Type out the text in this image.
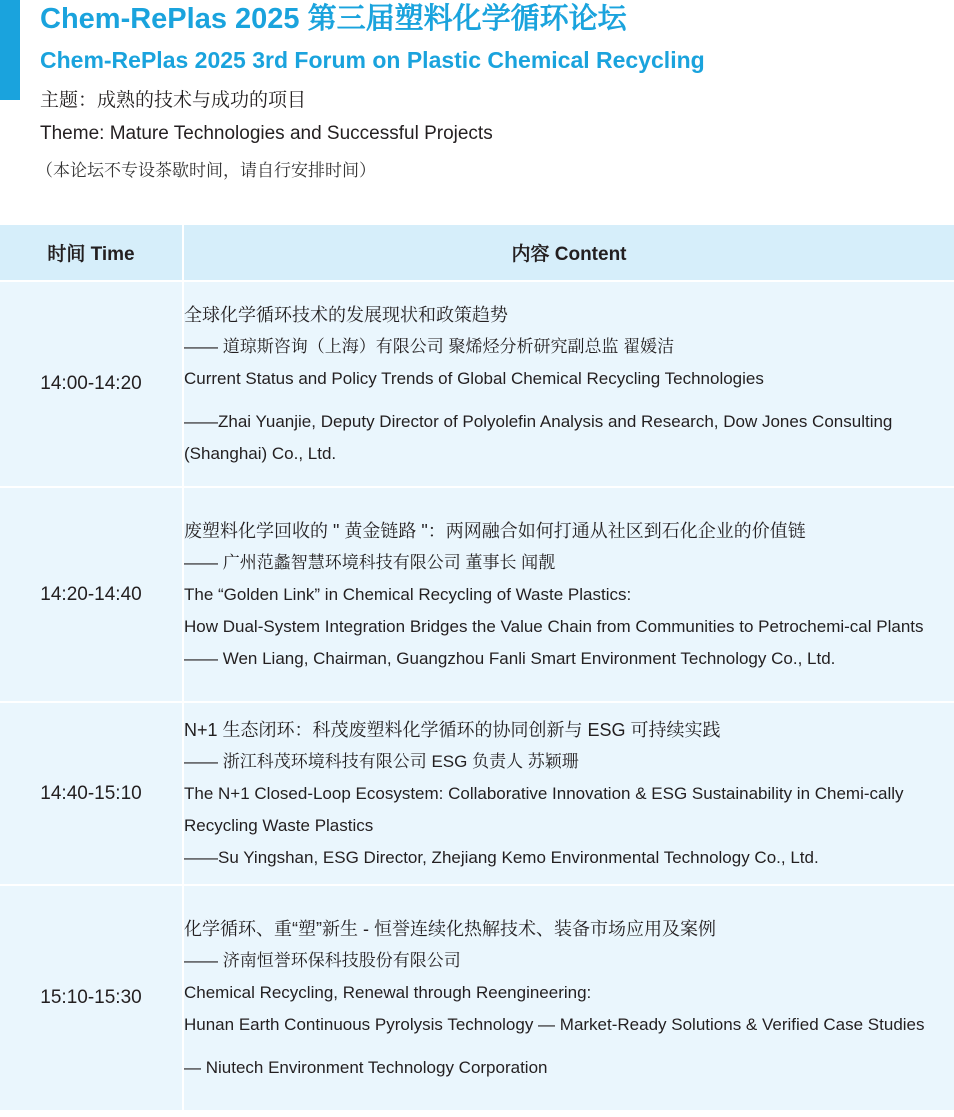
Chem-RePlas 2025 第三届塑料化学循环论坛
Chem-RePlas 2025 3rd Forum on Plastic Chemical Recycling
主题：成熟的技术与成功的项目
Theme: Mature Technologies and Successful Projects
（本论坛不专设茶歇时间，请自行安排时间）
时间 Time	内容 Content
14:00-14:20	全球化学循环技术的发展现状和政策趋势
—— 道琼斯咨询（上海）有限公司 聚烯烃分析研究副总监 翟媛洁
Current Status and Policy Trends of Global Chemical Recycling Technologies
——Zhai Yuanjie, Deputy Director of Polyolefin Analysis and Research, Dow Jones Consulting (Shanghai) Co., Ltd.

14:20-14:40	废塑料化学回收的 " 黄金链路 "：两网融合如何打通从社区到石化企业的价值链
—— 广州范蠡智慧环境科技有限公司 董事长 闻靓
The “Golden Link” in Chemical Recycling of Waste Plastics:
How Dual-System Integration Bridges the Value Chain from Communities to Petrochemi-cal Plants
—— Wen Liang, Chairman, Guangzhou Fanli Smart Environment Technology Co., Ltd.

14:40-15:10	N+1 生态闭环：科茂废塑料化学循环的协同创新与 ESG 可持续实践
—— 浙江科茂环境科技有限公司 ESG 负责人 苏颖珊
The N+1 Closed-Loop Ecosystem: Collaborative Innovation & ESG Sustainability in Chemi-cally Recycling Waste Plastics
——Su Yingshan, ESG Director, Zhejiang Kemo Environmental Technology Co., Ltd.

15:10-15:30	化学循环、重“塑”新生 - 恒誉连续化热解技术、装备市场应用及案例
—— 济南恒誉环保科技股份有限公司
Chemical Recycling, Renewal through Reengineering:
Hunan Earth Continuous Pyrolysis Technology — Market-Ready Solutions & Verified Case Studies
— Niutech Environment Technology Corporation
